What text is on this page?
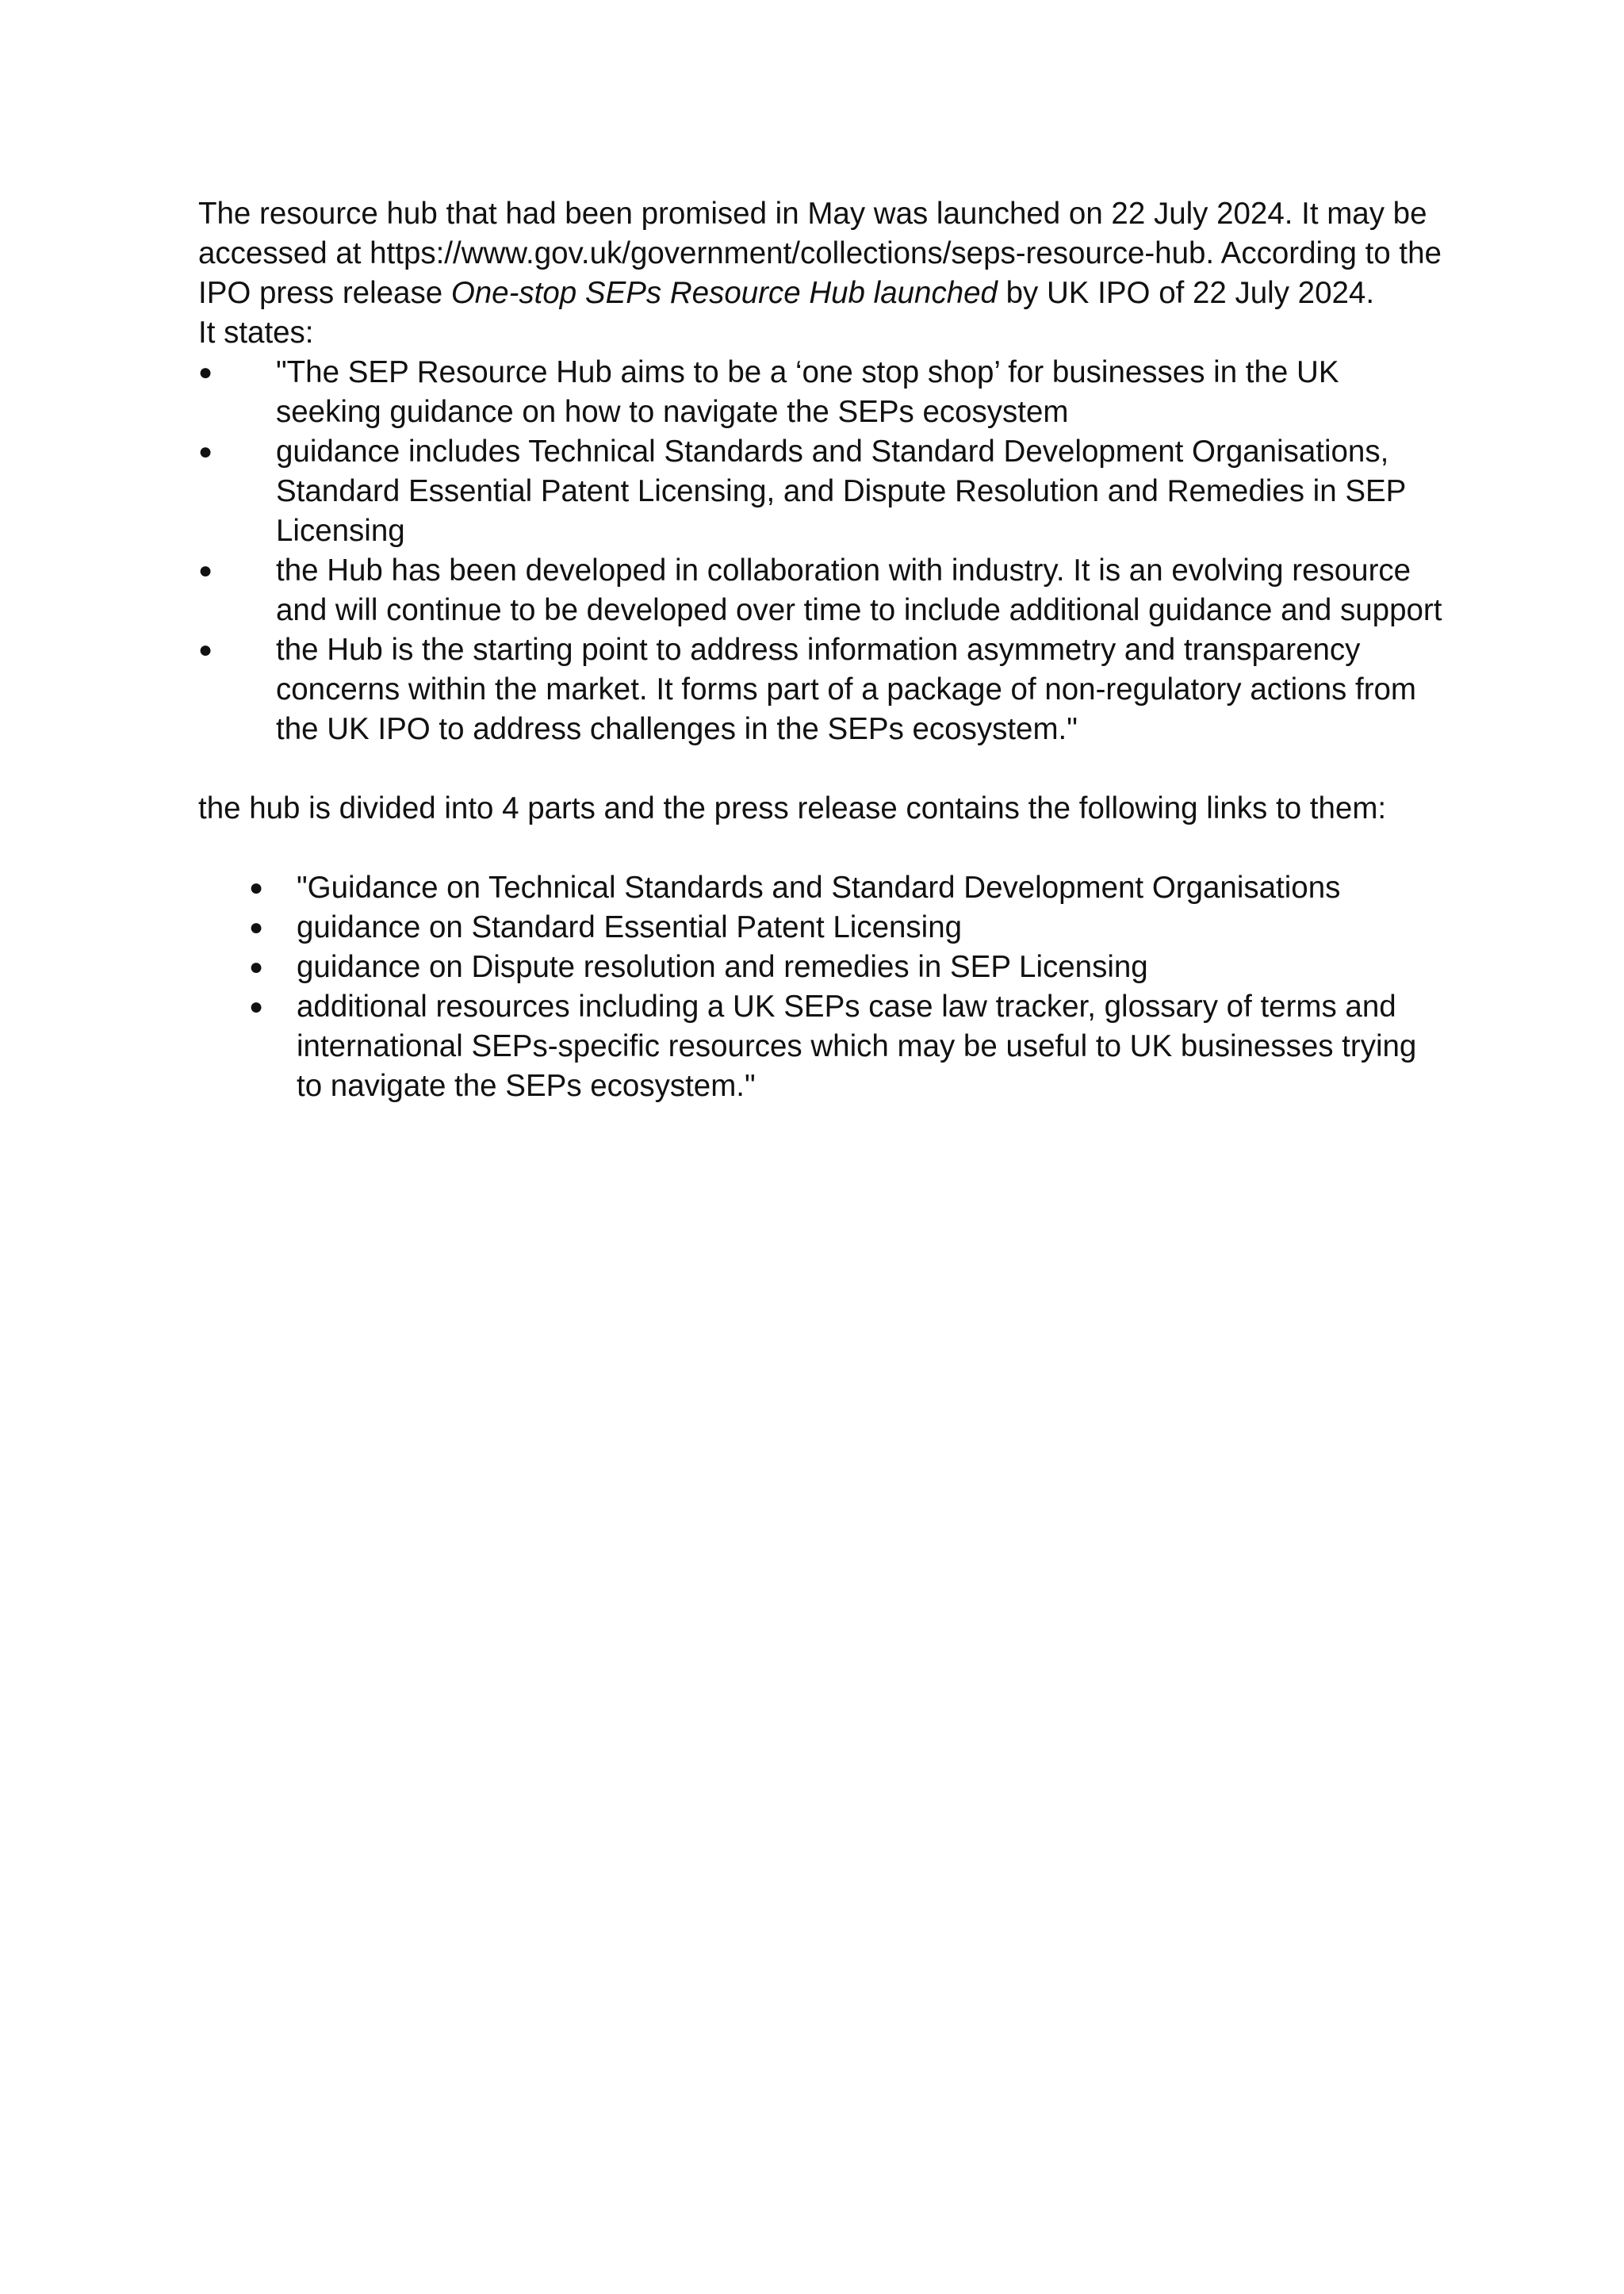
The resource hub that had been promised in May was launched on 22 July 2024. It may be accessed at https://www.gov.uk/government/collections/seps-resource-hub. According to the IPO press release One-stop SEPs Resource Hub launched by UK IPO of 22 July 2024.
It states:

● "The SEP Resource Hub aims to be a ‘one stop shop’ for businesses in the UK seeking guidance on how to navigate the SEPs ecosystem
● guidance includes Technical Standards and Standard Development Organisations, Standard Essential Patent Licensing, and Dispute Resolution and Remedies in SEP Licensing
● the Hub has been developed in collaboration with industry. It is an evolving resource and will continue to be developed over time to include additional guidance and support
● the Hub is the starting point to address information asymmetry and transparency concerns within the market. It forms part of a package of non-regulatory actions from the UK IPO to address challenges in the SEPs ecosystem."

the hub is divided into 4 parts and the press release contains the following links to them:

● "Guidance on Technical Standards and Standard Development Organisations
● guidance on Standard Essential Patent Licensing
● guidance on Dispute resolution and remedies in SEP Licensing
● additional resources including a UK SEPs case law tracker, glossary of terms and international SEPs-specific resources which may be useful to UK businesses trying to navigate the SEPs ecosystem."
